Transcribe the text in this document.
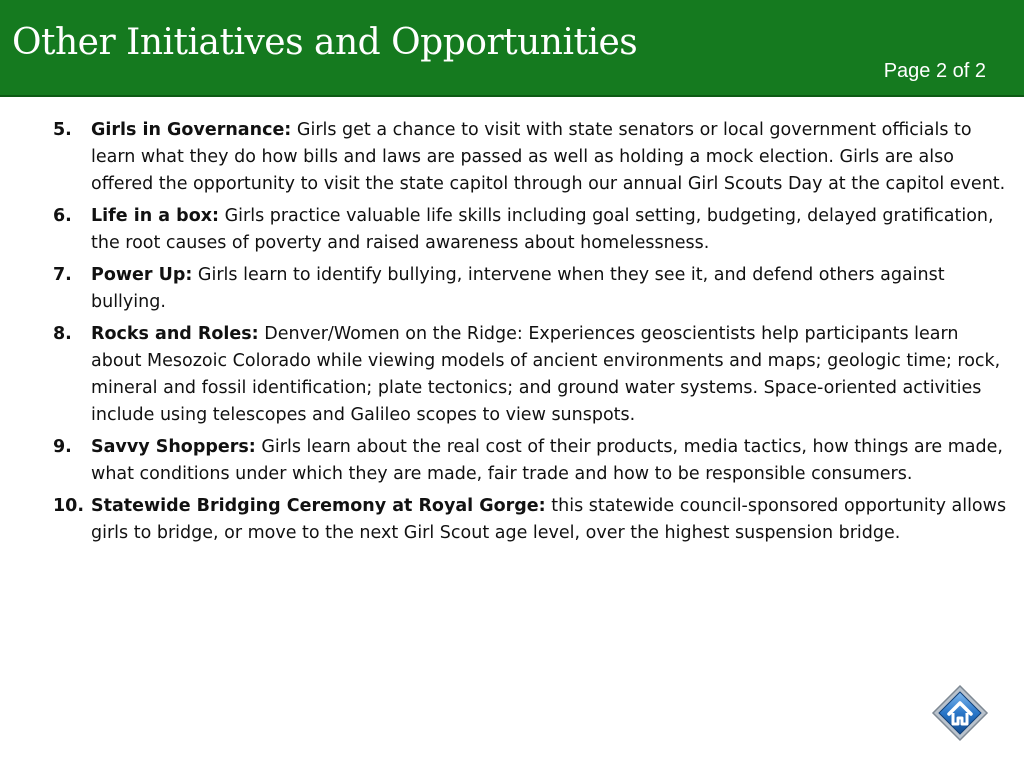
Other Initiatives and Opportunities
Page 2 of 2
5. Girls in Governance: Girls get a chance to visit with state senators or local government officials to learn what they do how bills and laws are passed as well as holding a mock election. Girls are also offered the opportunity to visit the state capitol through our annual Girl Scouts Day at the capitol event.
6. Life in a box: Girls practice valuable life skills including goal setting, budgeting, delayed gratification, the root causes of poverty and raised awareness about homelessness.
7. Power Up: Girls learn to identify bullying, intervene when they see it, and defend others against bullying.
8. Rocks and Roles: Denver/Women on the Ridge: Experiences geoscientists help participants learn about Mesozoic Colorado while viewing models of ancient environments and maps; geologic time; rock, mineral and fossil identification; plate tectonics; and ground water systems. Space-oriented activities include using telescopes and Galileo scopes to view sunspots.
9. Savvy Shoppers: Girls learn about the real cost of their products, media tactics, how things are made, what conditions under which they are made, fair trade and how to be responsible consumers.
10. Statewide Bridging Ceremony at Royal Gorge: this statewide council-sponsored opportunity allows girls to bridge, or move to the next Girl Scout age level, over the highest suspension bridge.
